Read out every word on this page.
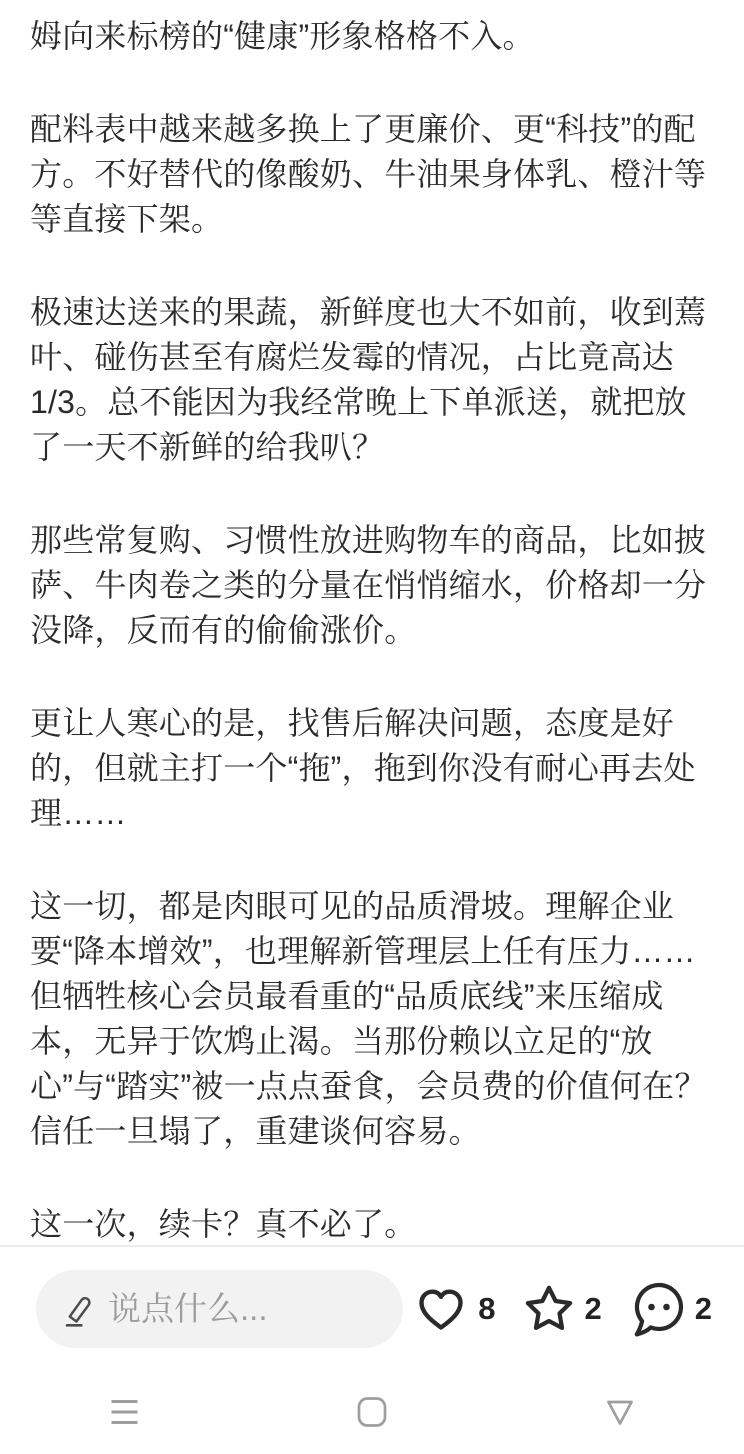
姆向来标榜的“健康”形象格格不入。

配料表中越来越多换上了更廉价、更“科技”的配方。不好替代的像酸奶、牛油果身体乳、橙汁等等直接下架。

极速达送来的果蔬，新鲜度也大不如前，收到蔫叶、碰伤甚至有腐烂发霉的情况，占比竟高达1/3。总不能因为我经常晚上下单派送，就把放了一天不新鲜的给我叭？

那些常复购、习惯性放进购物车的商品，比如披萨、牛肉卷之类的分量在悄悄缩水，价格却一分没降，反而有的偷偷涨价。

更让人寒心的是，找售后解决问题，态度是好的，但就主打一个“拖”，拖到你没有耐心再去处理……

这一切，都是肉眼可见的品质滑坡。理解企业要“降本增效”，也理解新管理层上任有压力……但牺牲核心会员最看重的“品质底线”来压缩成本，无异于饮鸩止渴。当那份赖以立足的“放心”与“踏实”被一点点蚕食，会员费的价值何在？信任一旦塌了，重建谈何容易。

这一次，续卡？真不必了。

说点什么...
8	2	2
